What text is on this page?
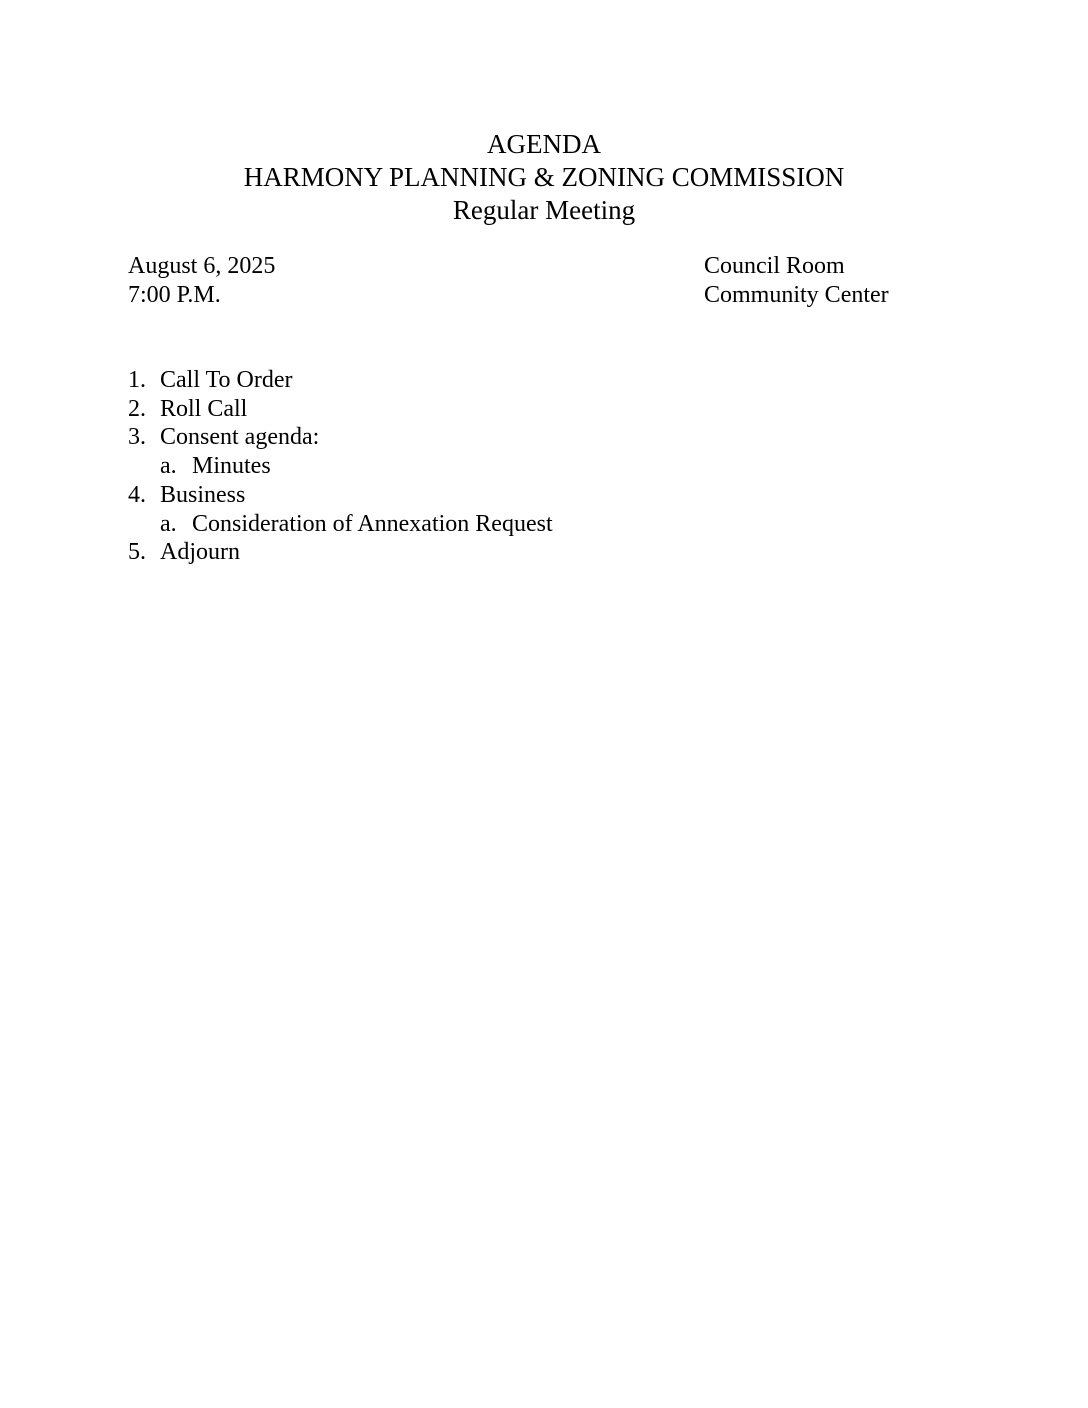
AGENDA
HARMONY PLANNING & ZONING COMMISSION
Regular Meeting
August 6, 2025
7:00 P.M.
Council Room
Community Center
1. Call To Order
2. Roll Call
3. Consent agenda:
a. Minutes
4. Business
a. Consideration of Annexation Request
5. Adjourn
